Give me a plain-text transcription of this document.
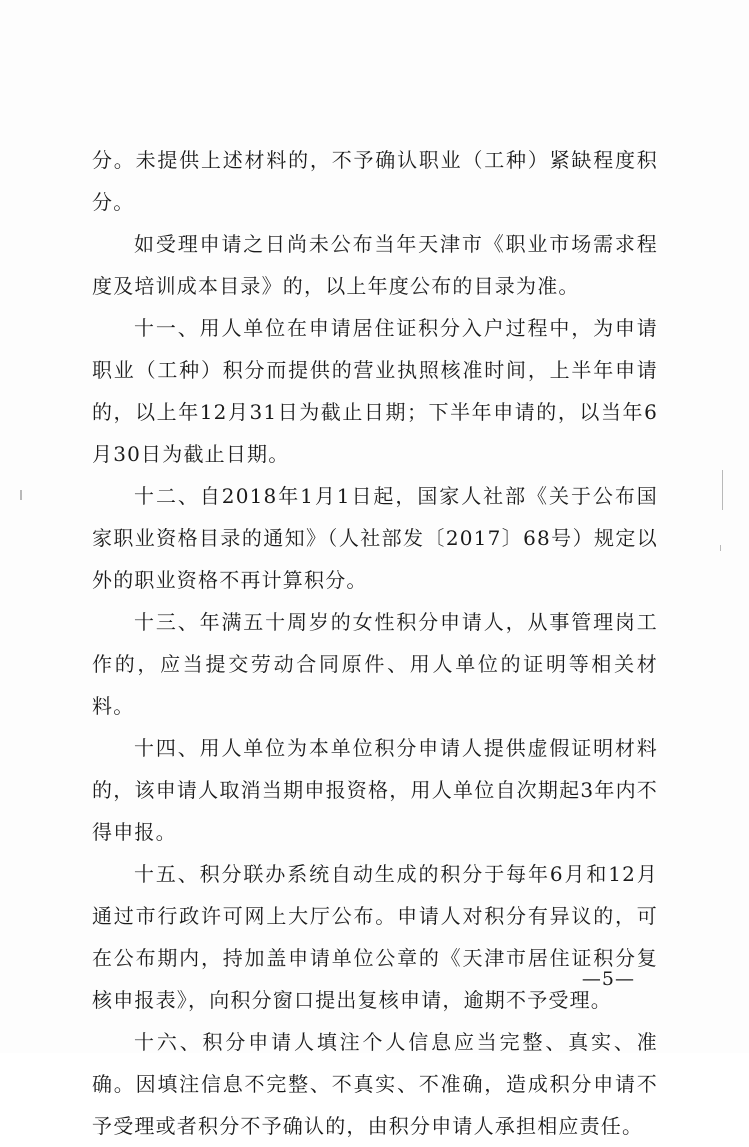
分。未提供上述材料的，不予确认职业（工种）紧缺程度积分。

如受理申请之日尚未公布当年天津市《职业市场需求程度及培训成本目录》的，以上年度公布的目录为准。

十一、用人单位在申请居住证积分入户过程中，为申请职业（工种）积分而提供的营业执照核准时间，上半年申请的，以上年12月31日为截止日期；下半年申请的，以当年6月30日为截止日期。

十二、自2018年1月1日起，国家人社部《关于公布国家职业资格目录的通知》（人社部发〔2017〕68号）规定以外的职业资格不再计算积分。

十三、年满五十周岁的女性积分申请人，从事管理岗工作的，应当提交劳动合同原件、用人单位的证明等相关材料。

十四、用人单位为本单位积分申请人提供虚假证明材料的，该申请人取消当期申报资格，用人单位自次期起3年内不得申报。

十五、积分联办系统自动生成的积分于每年6月和12月通过市行政许可网上大厅公布。申请人对积分有异议的，可在公布期内，持加盖申请单位公章的《天津市居住证积分复核申报表》，向积分窗口提出复核申请，逾期不予受理。

十六、积分申请人填注个人信息应当完整、真实、准确。因填注信息不完整、不真实、不准确，造成积分申请不予受理或者积分不予确认的，由积分申请人承担相应责任。

—5—
